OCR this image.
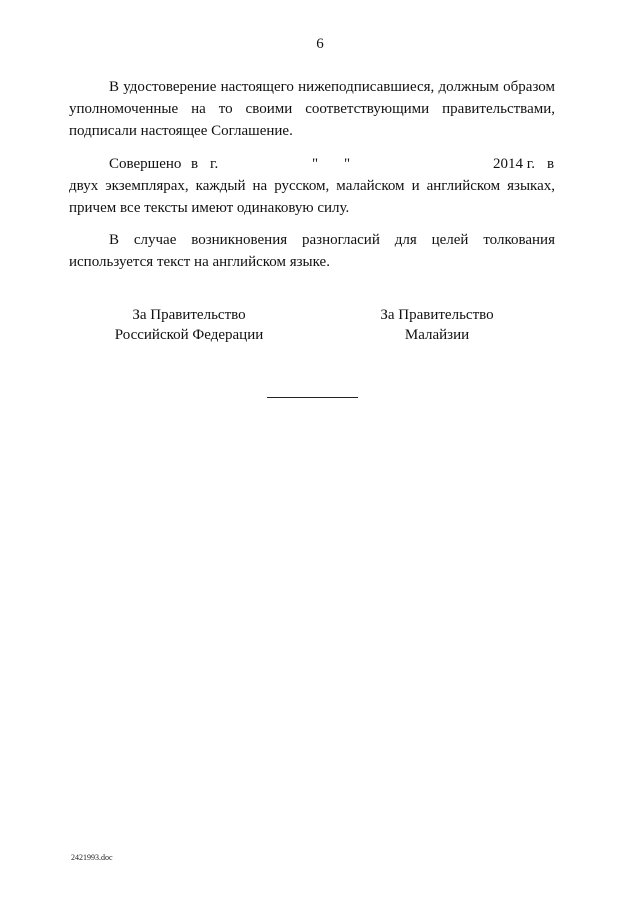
6
В удостоверение настоящего нижеподписавшиеся, должным образом уполномоченные на то своими соответствующими правительствами, подписали настоящее Соглашение.
Совершено в г.	" "	2014 г. в
двух экземплярах, каждый на русском, малайском и английском языках, причем все тексты имеют одинаковую силу.
В случае возникновения разногласий для целей толкования используется текст на английском языке.
За Правительство
Российской Федерации
За Правительство
Малайзии
2421993.doc
